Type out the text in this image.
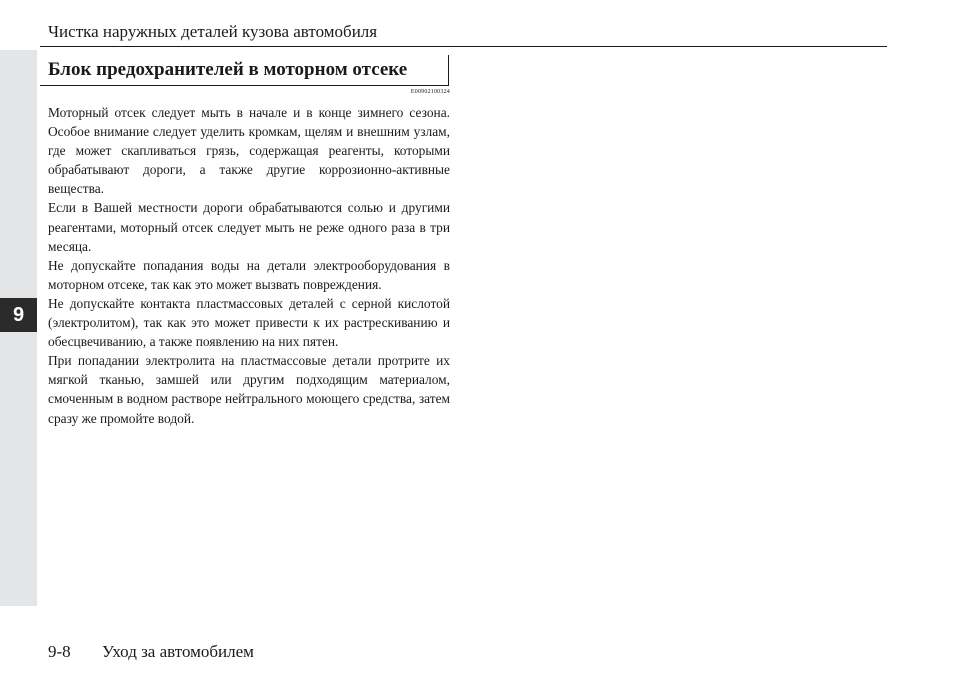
9
Чистка наружных деталей кузова автомобиля
Блок предохранителей в моторном отсеке
E00902100324

Моторный отсек следует мыть в начале и в конце зимнего сезона. Особое внимание следует уделить кромкам, щелям и внешним узлам, где может скапливаться грязь, содержащая реагенты, которыми обрабатывают дороги, а также другие коррозионно-активные вещества.

Если в Вашей местности дороги обрабатываются солью и другими реагентами, моторный отсек следует мыть не реже одного раза в три месяца.

Не допускайте попадания воды на детали электрооборудования в моторном отсеке, так как это может вызвать повреждения.

Не допускайте контакта пластмассовых деталей с серной кислотой (электролитом), так как это может привести к их растрескиванию и обесцвечиванию, а также появлению на них пятен.

При попадании электролита на пластмассовые детали протрите их мягкой тканью, замшей или другим подходящим материалом, смоченным в водном растворе нейтрального моющего средства, затем сразу же промойте водой.

9-8 Уход за автомобилем
